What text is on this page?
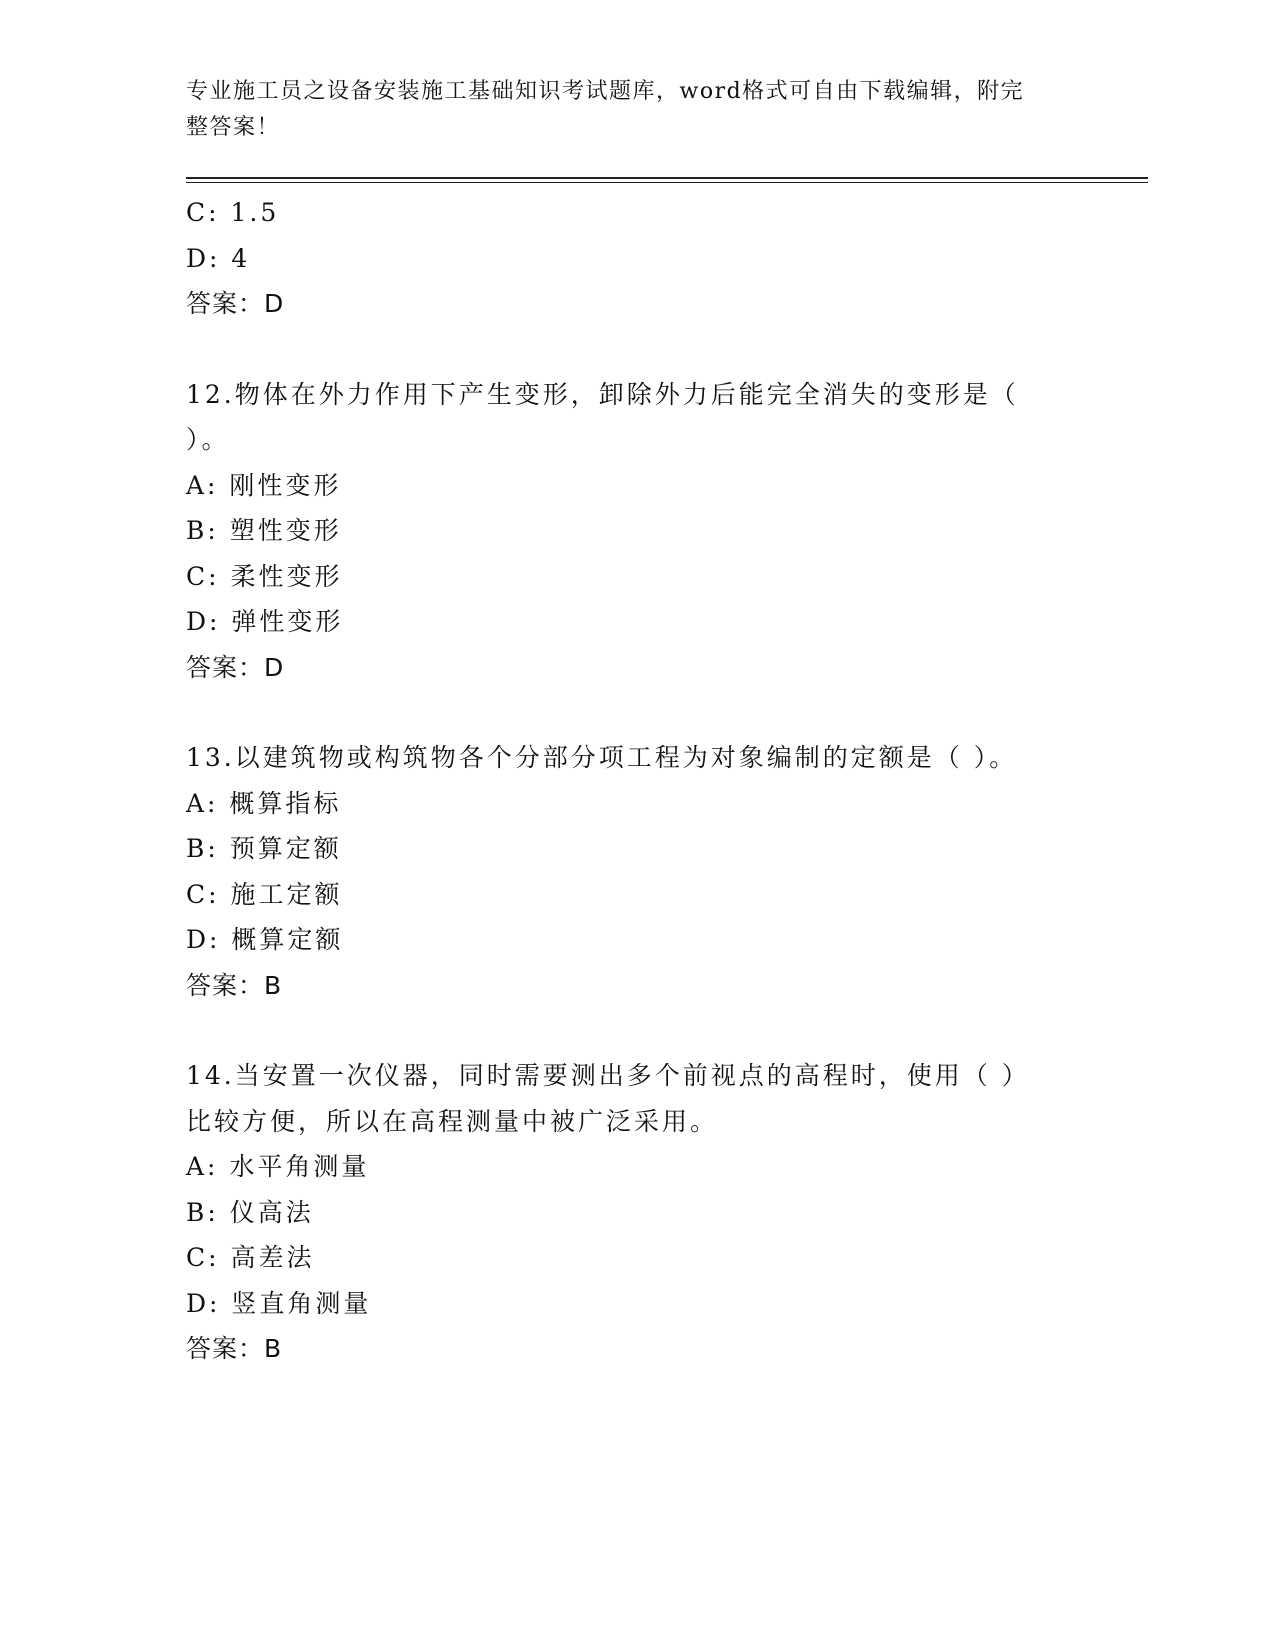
专业施工员之设备安装施工基础知识考试题库，word格式可自由下载编辑，附完
整答案！
C: 1.5
D: 4
答案：D
12.物体在外力作用下产生变形，卸除外力后能完全消失的变形是（
）。
A: 刚性变形
B: 塑性变形
C: 柔性变形
D: 弹性变形
答案：D
13.以建筑物或构筑物各个分部分项工程为对象编制的定额是（ ）。
A: 概算指标
B: 预算定额
C: 施工定额
D: 概算定额
答案：B
14.当安置一次仪器，同时需要测出多个前视点的高程时，使用（ ）
比较方便，所以在高程测量中被广泛采用。
A: 水平角测量
B: 仪高法
C: 高差法
D: 竖直角测量
答案：B
